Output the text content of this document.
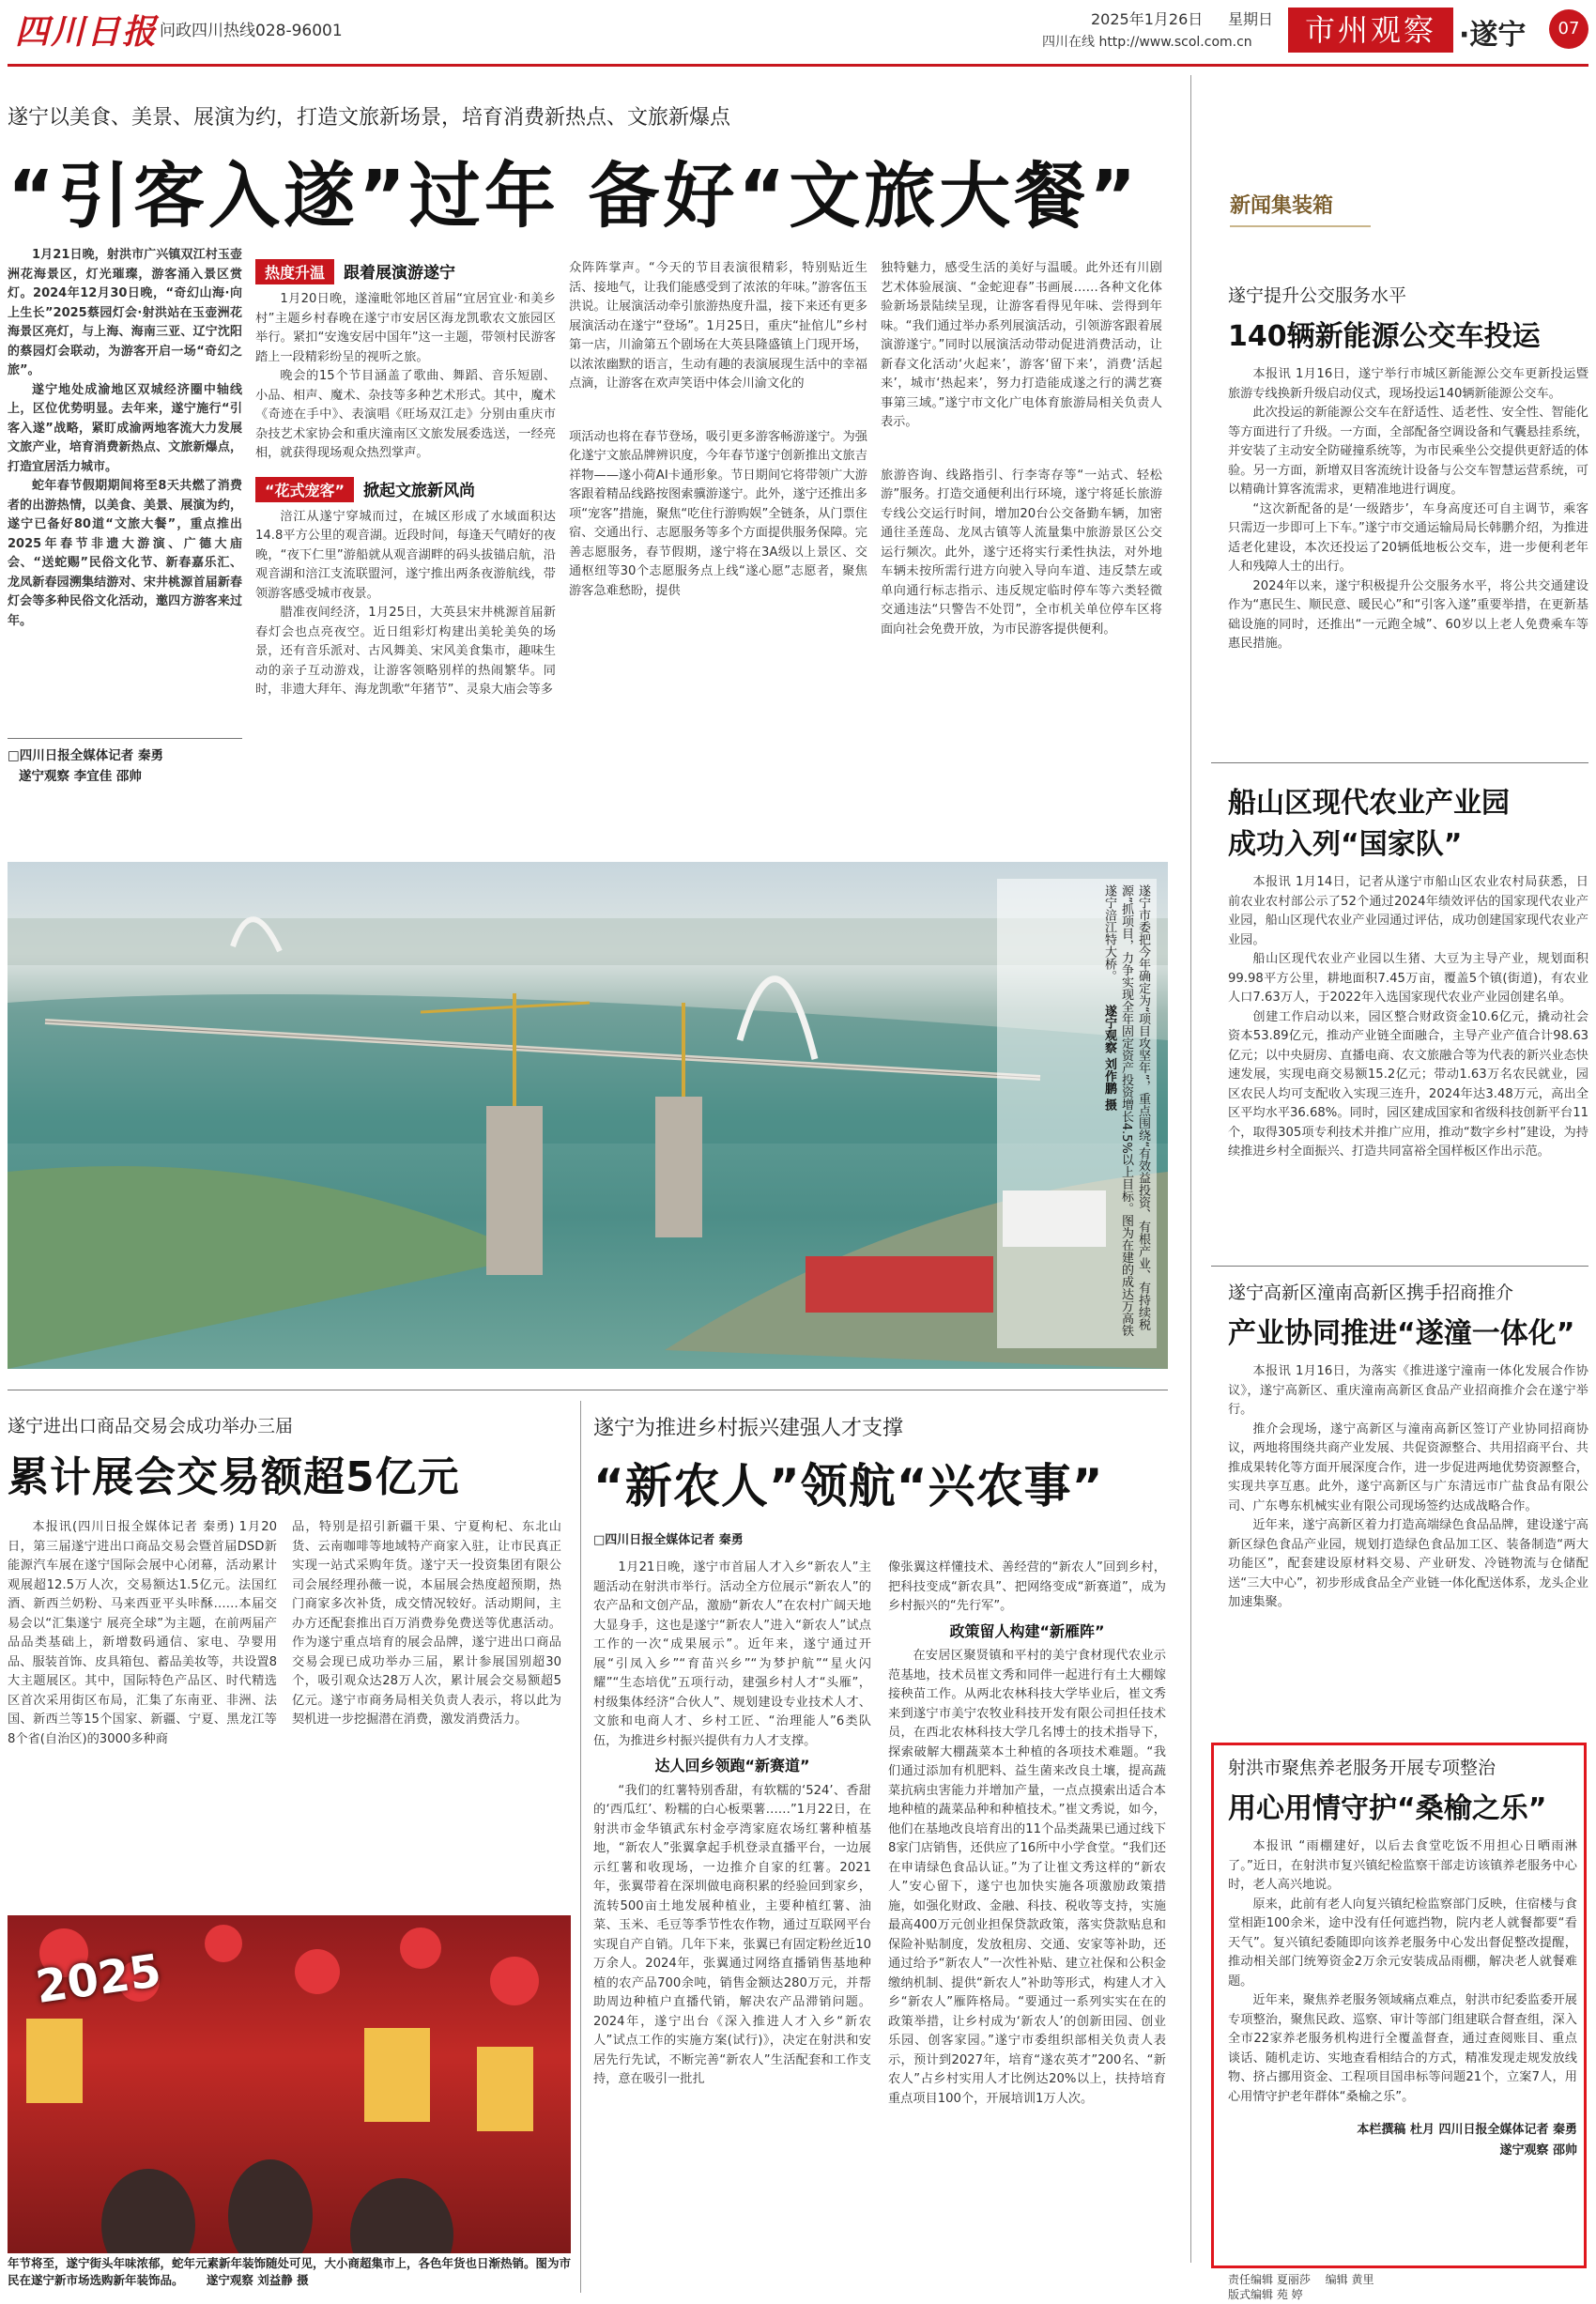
四川日报 问政四川热线028-96001
2025年1月26日 星期日
四川在线 http://www.scol.com.cn	市州观察 ·遂宁	07
遂宁以美食、美景、展演为约，打造文旅新场景，培育消费新热点、文旅新爆点
“引客入遂”过年 备好“文旅大餐”

1月21日晚，射洪市广兴镇双江村玉壶洲花海景区，灯光璀璨，游客涌入景区赏灯。2024年12月30日晚，“奇幻山海·向上生长”2025蔡园灯会·射洪站在玉壶洲花海景区亮灯，与上海、海南三亚、辽宁沈阳的蔡园灯会联动，为游客开启一场“奇幻之旅”。

遂宁地处成渝地区双城经济圈中轴线上，区位优势明显。去年来，遂宁施行“引客入遂”战略，紧盯成渝两地客流大力发展文旅产业，培育消费新热点、文旅新爆点，打造宜居活力城市。

蛇年春节假期期间将至8天共燃了消费者的出游热情，以美食、美景、展演为约，遂宁已备好80道“文旅大餐”，重点推出2025年春节非遗大游演、广德大庙会、“送蛇赐”民俗文化节、新春嘉乐汇、龙凤新春园溯集结游对、宋井桃源首届新春灯会等多种民俗文化活动，邀四方游客来过年。

□四川日报全媒体记者 秦勇
遂宁观察 李宜佳 邵帅
热度升温 跟着展演游遂宁

1月20日晚，遂潼毗邻地区首届“宜居宜业·和美乡村”主题乡村春晚在遂宁市安居区海龙凯歌农文旅园区举行。紧扣“安逸安居中国年”这一主题，带领村民游客踏上一段精彩纷呈的视听之旅。

晚会的15个节目涵盖了歌曲、舞蹈、音乐短剧、小品、相声、魔术、杂技等多种艺术形式。其中，魔术《奇迹在手中》、表演唱《旺场双江走》分别由重庆市杂技艺术家协会和重庆潼南区文旅发展委选送，一经亮相，就获得现场观众热烈掌声。

“花式宠客” 掀起文旅新风尚

涪江从遂宁穿城而过，在城区形成了水域面积达14.8平方公里的观音湖。近段时间，每逢天气晴好的夜晚，“夜下仁里”游船就从观音湖畔的码头拔锚启航，沿观音湖和涪江支流联盟河，遂宁推出两条夜游航线，带领游客感受城市夜景。

腊准夜间经济，1月25日，大英县宋井桃源首届新春灯会也点亮夜空。近日组彩灯构建出美轮美奂的场景，还有音乐派对、古风舞美、宋风美食集市，趣味生动的亲子互动游戏，让游客领略别样的热闹繁华。同时，非遗大拜年、海龙凯歌“年猪节”、灵泉大庙会等多

众阵阵掌声。“今天的节目表演很精彩，特别贴近生活、接地气，让我们能感受到了浓浓的年味。”游客伍玉洪说。让展演活动牵引旅游热度升温，接下来还有更多展演活动在遂宁“登场”。1月25日，重庆“扯倌儿”乡村第一店，川渝第五个剧场在大英县隆盛镇上门现开场，以浓浓幽默的语言，生动有趣的表演展现生活中的幸福点滴，让游客在欢声笑语中体会川渝文化的

项活动也将在春节登场，吸引更多游客畅游遂宁。为强化遂宁文旅品牌辨识度，今年春节遂宁创新推出文旅吉祥物——遂小荷AI卡通形象。节日期间它将带领广大游客跟着精品线路按图索骥游遂宁。此外，遂宁还推出多项“宠客”措施，聚焦“吃住行游购娱”全链条，从门票住宿、交通出行、志愿服务等多个方面提供服务保障。完善志愿服务，春节假期，遂宁将在3A级以上景区、交通枢纽等30个志愿服务点上线“遂心愿”志愿者，聚焦游客急难愁盼，提供

独特魅力，感受生活的美好与温暖。此外还有川剧艺术体验展演、“金蛇迎春”书画展……各种文化体验新场景陆续呈现，让游客看得见年味、尝得到年味。“我们通过举办系列展演活动，引领游客跟着展演游遂宁。”同时以展演活动带动促进消费活动，让新春文化活动‘火起来’，游客‘留下来’，消费‘活起来’，城市‘热起来’，努力打造能成遂之行的满艺赛事第三域。”遂宁市文化广电体育旅游局相关负责人表示。

旅游咨询、线路指引、行李寄存等“一站式、轻松游”服务。打造交通便利出行环境，遂宁将延长旅游专线公交运行时间，增加20台公交备勤车辆，加密通往圣莲岛、龙凤古镇等人流量集中旅游景区公交运行频次。此外，遂宁还将实行柔性执法，对外地车辆未按所需行进方向驶入导向车道、违反禁左或单向通行标志指示、违反规定临时停车等六类轻微交通违法“只警告不处罚”，全市机关单位停车区将面向社会免费开放，为市民游客提供便利。

遂宁市委把今年确定为“项目攻坚年”，重点围绕“有效益投资、有根产业、有持续税源”抓项目，力争实现全年固定资产投资增长4.5%以上目标。图为在建的成达万高铁遂宁涪江特大桥。 遂宁观察 刘作鹏 摄
新闻集装箱
遂宁提升公交服务水平
140辆新能源公交车投运

本报讯 1月16日，遂宁举行市城区新能源公交车更新投运暨旅游专线换新升级启动仪式，现场投运140辆新能源公交车。

此次投运的新能源公交车在舒适性、适老性、安全性、智能化等方面进行了升级。一方面，全部配备空调设备和气囊悬挂系统，并安装了主动安全防碰撞系统等，为市民乘坐公交提供更舒适的体验。另一方面，新增双目客流统计设备与公交车智慧运营系统，可以精确计算客流需求，更精准地进行调度。

“这次新配备的是‘一级踏步’，车身高度还可自主调节，乘客只需迈一步即可上下车。”遂宁市交通运输局局长韩鹏介绍，为推进适老化建设，本次还投运了20辆低地板公交车，进一步便利老年人和残障人士的出行。

2024年以来，遂宁积极提升公交服务水平，将公共交通建设作为“惠民生、顺民意、暖民心”和“引客入遂”重要举措，在更新基础设施的同时，还推出“一元跑全城”、60岁以上老人免费乘车等惠民措施。

船山区现代农业产业园成功入列“国家队”

本报讯 1月14日，记者从遂宁市船山区农业农村局获悉，日前农业农村部公示了52个通过2024年绩效评估的国家现代农业产业园，船山区现代农业产业园通过评估，成功创建国家现代农业产业园。

船山区现代农业产业园以生猪、大豆为主导产业，规划面积99.98平方公里，耕地面积7.45万亩，覆盖5个镇(街道)，有农业人口7.63万人，于2022年入选国家现代农业产业园创建名单。

创建工作启动以来，园区整合财政资金10.6亿元，撬动社会资本53.89亿元，推动产业链全面融合，主导产业产值合计98.63亿元；以中央厨房、直播电商、农文旅融合等为代表的新兴业态快速发展，实现电商交易额15.2亿元；带动1.63万名农民就业，园区农民人均可支配收入实现三连升，2024年达3.48万元，高出全区平均水平36.68%。同时，园区建成国家和省级科技创新平台11个，取得305项专利技术并推广应用，推动“数字乡村”建设，为持续推进乡村全面振兴、打造共同富裕全国样板区作出示范。

遂宁高新区潼南高新区携手招商推介
产业协同推进“遂潼一体化”

本报讯 1月16日，为落实《推进遂宁潼南一体化发展合作协议》，遂宁高新区、重庆潼南高新区食品产业招商推介会在遂宁举行。

推介会现场，遂宁高新区与潼南高新区签订产业协同招商协议，两地将围绕共商产业发展、共促资源整合、共用招商平台、共推成果转化等方面开展深度合作，进一步促进两地优势资源整合，实现共享互惠。此外，遂宁高新区与广东清远市广盐食品有限公司、广东粤东机械实业有限公司现场签约达成战略合作。

近年来，遂宁高新区着力打造高端绿色食品品牌，建设遂宁高新区绿色食品产业园，规划打造绿色食品加工区、装备制造“两大功能区”，配套建设原材料交易、产业研发、冷链物流与仓储配送“三大中心”，初步形成食品全产业链一体化配送体系，龙头企业加速集聚。

射洪市聚焦养老服务开展专项整治
用心用情守护“桑榆之乐”

本报讯 “雨棚建好，以后去食堂吃饭不用担心日晒雨淋了。”近日，在射洪市复兴镇纪检监察干部走访该镇养老服务中心时，老人高兴地说。

原来，此前有老人向复兴镇纪检监察部门反映，住宿楼与食堂相距100余米，途中没有任何遮挡物，院内老人就餐都要“看天气”。复兴镇纪委随即向该养老服务中心发出督促整改提醒，推动相关部门统筹资金2万余元安装成品雨棚，解决老人就餐难题。

近年来，聚焦养老服务领域痛点难点，射洪市纪委监委开展专项整治，聚焦民政、巡察、审计等部门组建联合督查组，深入全市22家养老服务机构进行全覆盖督查，通过查阅账目、重点谈话、随机走访、实地查看相结合的方式，精准发现走规发放线物、挤占挪用资金、工程项目国串标等问题21个，立案7人，用心用情守护老年群体“桑榆之乐”。

本栏撰稿 杜月 四川日报全媒体记者 秦勇
遂宁观察 邵帅
遂宁进出口商品交易会成功举办三届
累计展会交易额超5亿元

本报讯(四川日报全媒体记者 秦勇) 1月20日，第三届遂宁进出口商品交易会暨首届DSD新能源汽车展在遂宁国际会展中心闭幕，活动累计观展超12.5万人次，交易额达1.5亿元。法国红酒、新西兰奶粉、马来西亚平头咔酥……本届交易会以“汇集遂宁 展亮全球”为主题，在前两届产品品类基础上，新增数码通信、家电、孕婴用品、服装首饰、皮具箱包、蓄品美妆等，共设置8大主题展区。其中，国际特色产品区、时代精选区首次采用街区布局，汇集了东南亚、非洲、法国、新西兰等15个国家、新疆、宁夏、黑龙江等8个省(自治区)的3000多种商

品，特别是招引新疆干果、宁夏枸杞、东北山货、云南咖啡等地域特产商家入驻，让市民真正实现一站式采购年货。遂宁天一投资集团有限公司会展经理孙薇一说，本届展会热度超预期，热门商家多次补货，成交情况较好。活动期间，主办方还配套推出百万消费券免费送等优惠活动。作为遂宁重点培育的展会品牌，遂宁进出口商品交易会现已成功举办三届，累计参展国别超30个，吸引观众达28万人次，累计展会交易额超5亿元。遂宁市商务局相关负责人表示，将以此为契机进一步挖掘潜在消费，激发消费活力。

2025
年节将至，遂宁街头年味浓郁，蛇年元素新年装饰随处可见，大小商超集市上，各色年货也日渐热销。图为市民在遂宁新市场选购新年装饰品。 遂宁观察 刘益静 摄
遂宁为推进乡村振兴建强人才支撑
“新农人”领航“兴农事”
□四川日报全媒体记者 秦勇

1月21日晚，遂宁市首届人才入乡“新农人”主题活动在射洪市举行。活动全方位展示“新农人”的农产品和文创产品，激励“新农人”在农村广阔天地大显身手，这也是遂宁“新农人”进入“新农人”试点工作的一次“成果展示”。近年来，遂宁通过开展“引凤入乡”“育苗兴乡”“为梦护航”“星火闪耀”“生态培优”五项行动，建强乡村人才“头雁”，村级集体经济“合伙人”、规划建设专业技术人才、文旅和电商人才、乡村工匠、“治理能人”6类队伍，为推进乡村振兴提供有力人才支撑。

达人回乡领跑“新赛道”

“我们的红薯特别香甜，有软糯的‘524’、香甜的‘西瓜红’、粉糯的白心板栗薯……”1月22日，在射洪市金华镇武东村金亭湾家庭农场红薯种植基地，“新农人”张翼拿起手机登录直播平台，一边展示红薯和收现场，一边推介自家的红薯。2021年，张翼带着在深圳做电商积累的经验回到家乡，流转500亩土地发展种植业，主要种植红薯、油菜、玉米、毛豆等季节性农作物，通过互联网平台实现自产自销。几年下来，张翼已有固定粉丝近10万余人。2024年，张翼通过网络直播销售基地种植的农产品700余吨，销售金额达280万元，并帮助周边种植户直播代销，解决农产品滞销问题。2024年，遂宁出台《深入推进人才入乡“新农人”试点工作的实施方案(试行)》，决定在射洪和安居先行先试，不断完善“新农人”生活配套和工作支持，意在吸引一批扎

像张翼这样懂技术、善经营的“新农人”回到乡村，把科技变成“新农具”、把网络变成“新赛道”，成为乡村振兴的“先行军”。

政策留人构建“新雁阵”

在安居区聚贤镇和平村的美宁食材现代农业示范基地，技术员崔文秀和同伴一起进行有土大棚嫁接秧苗工作。从两北农林科技大学毕业后，崔文秀来到遂宁市美宁农牧业科技开发有限公司担任技术员，在西北农林科技大学几名博士的技术指导下，探索破解大棚蔬菜本土种植的各项技术难题。“我们通过添加有机肥料、益生菌来改良土壤，提高蔬菜抗病虫害能力并增加产量，一点点摸索出适合本地种植的蔬菜品种和种植技术。”崔文秀说，如今，他们在基地改良培育出的11个品类蔬果已通过线下8家门店销售，还供应了16所中小学食堂。“我们还在申请绿色食品认证。”为了让崔文秀这样的“新农人”安心留下，遂宁也加快实施各项激励政策措施，如强化财政、金融、科技、税收等支持，实施最高400万元创业担保贷款政策，落实贷款贴息和保险补贴制度，发放租房、交通、安家等补助，还通过给予“新农人”一次性补贴、建立社保和公积金缴纳机制、提供“新农人”补助等形式，构建人才入乡“新农人”雁阵格局。“要通过一系列实实在在的政策举措，让乡村成为‘新农人’的创新田园、创业乐园、创客家园。”遂宁市委组织部相关负责人表示，预计到2027年，培育“遂农英才”200名、“新农人”占乡村实用人才比例达20%以上，扶持培育重点项目100个，开展培训1万人次。

责任编辑 夏丽莎 编辑 黄里
版式编辑 苑 婷
